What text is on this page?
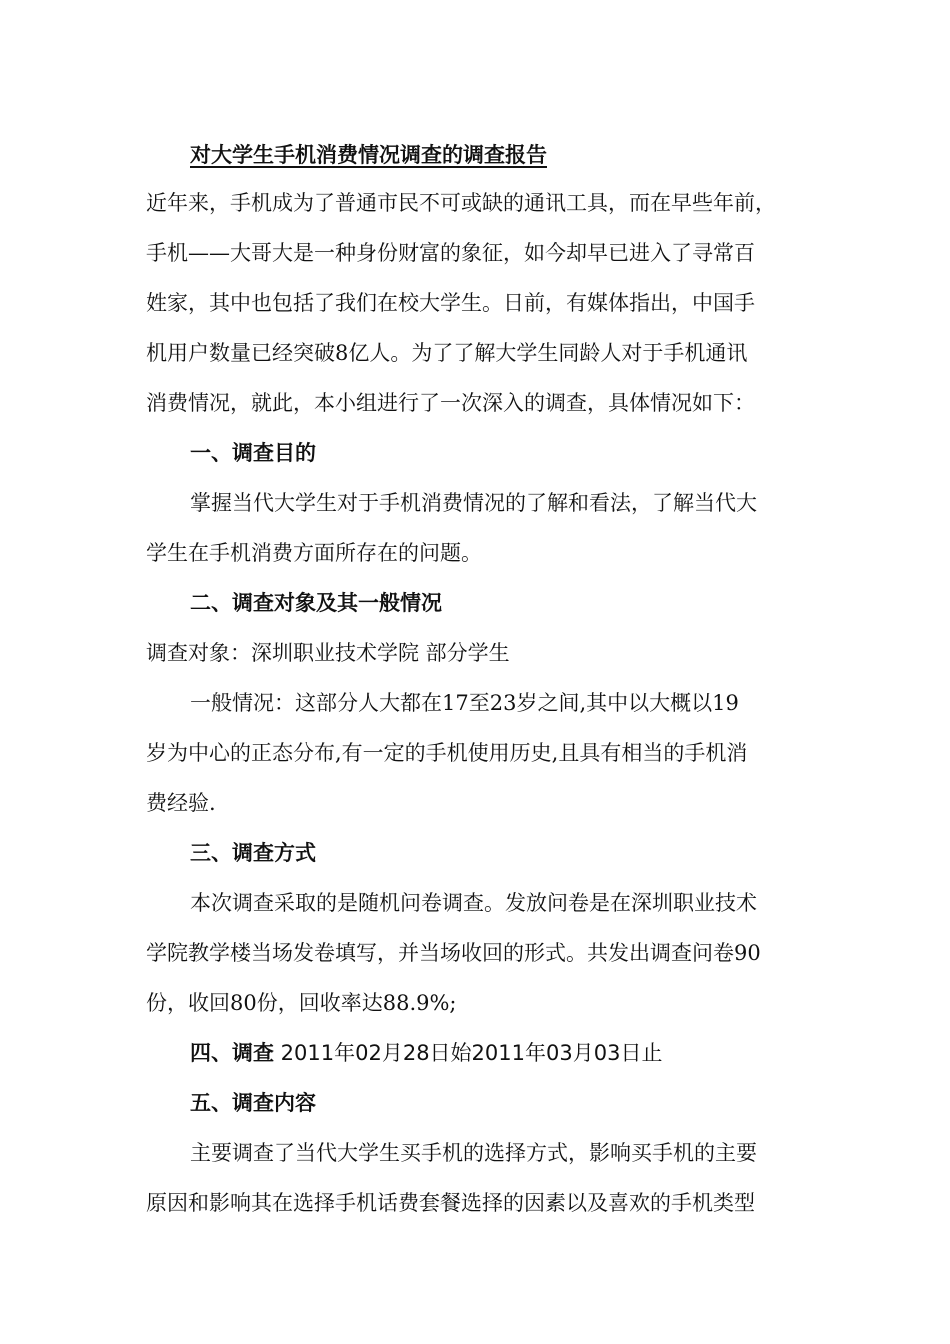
对大学生手机消费情况调查的调查报告
近年来，手机成为了普通市民不可或缺的通讯工具，而在早些年前，
手机——大哥大是一种身份财富的象征，如今却早已进入了寻常百
姓家，其中也包括了我们在校大学生。日前，有媒体指出，中国手
机用户数量已经突破8亿人。为了了解大学生同龄人对于手机通讯
消费情况，就此，本小组进行了一次深入的调查，具体情况如下：
一、调查目的
掌握当代大学生对于手机消费情况的了解和看法，了解当代大
学生在手机消费方面所存在的问题。
二、调查对象及其一般情况
调查对象：深圳职业技术学院 部分学生
一般情况：这部分人大都在17至23岁之间,其中以大概以19
岁为中心的正态分布,有一定的手机使用历史,且具有相当的手机消
费经验.
三、调查方式
本次调查采取的是随机问卷调查。发放问卷是在深圳职业技术
学院教学楼当场发卷填写，并当场收回的形式。共发出调查问卷90
份，收回80份，回收率达88.9%;
四、调查 2011年02月28日始2011年03月03日止
五、调查内容
主要调查了当代大学生买手机的选择方式，影响买手机的主要
原因和影响其在选择手机话费套餐选择的因素以及喜欢的手机类型
